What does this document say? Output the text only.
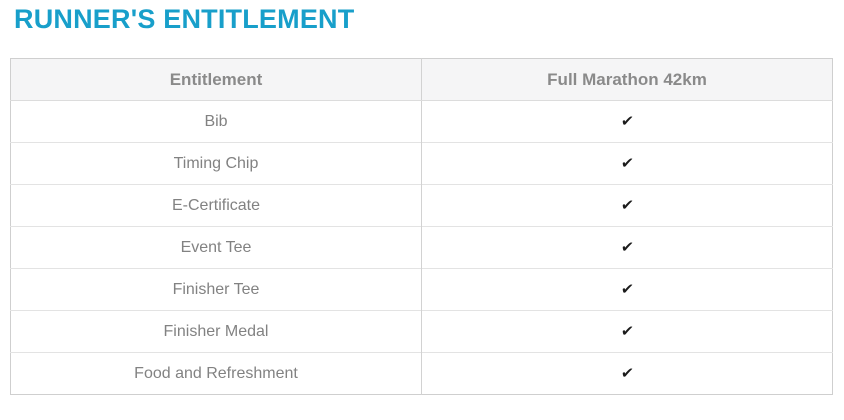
RUNNER'S ENTITLEMENT
Entitlement	Full Marathon 42km
Bib	✔
Timing Chip	✔
E-Certificate	✔
Event Tee	✔
Finisher Tee	✔
Finisher Medal	✔
Food and Refreshment	✔
